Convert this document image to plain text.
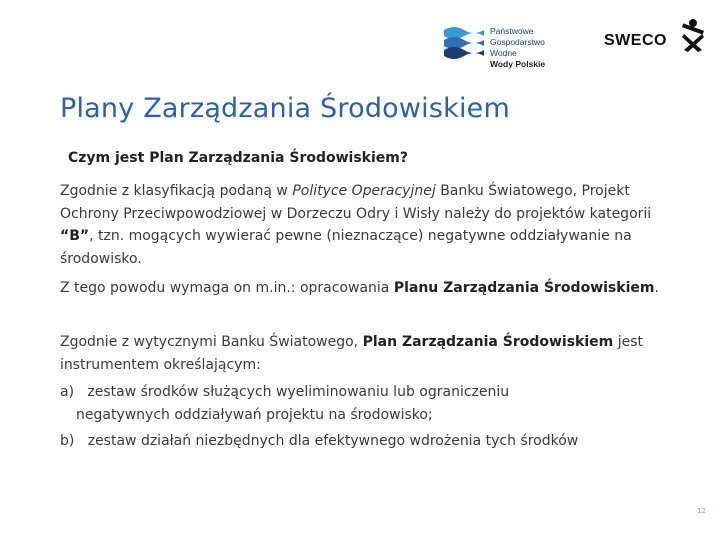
Państwowe
Gospodarstwo Wodne
Wody Polskie
SWECO
Plany Zarządzania Środowiskiem
Czym jest Plan Zarządzania Środowiskiem?
Zgodnie z klasyfikacją podaną w Polityce Operacyjnej Banku Światowego, Projekt
Ochrony Przeciwpowodziowej w Dorzeczu Odry i Wisły należy do projektów kategorii
“B”, tzn. mogących wywierać pewne (nieznaczące) negatywne oddziaływanie na
środowisko.
Z tego powodu wymaga on m.in.: opracowania Planu Zarządzania Środowiskiem.
Zgodnie z wytycznymi Banku Światowego, Plan Zarządzania Środowiskiem jest
instrumentem określającym:
a) zestaw środków służących wyeliminowaniu lub ograniczeniu
negatywnych oddziaływań projektu na środowisko;
b) zestaw działań niezbędnych dla efektywnego wdrożenia tych środków
12
